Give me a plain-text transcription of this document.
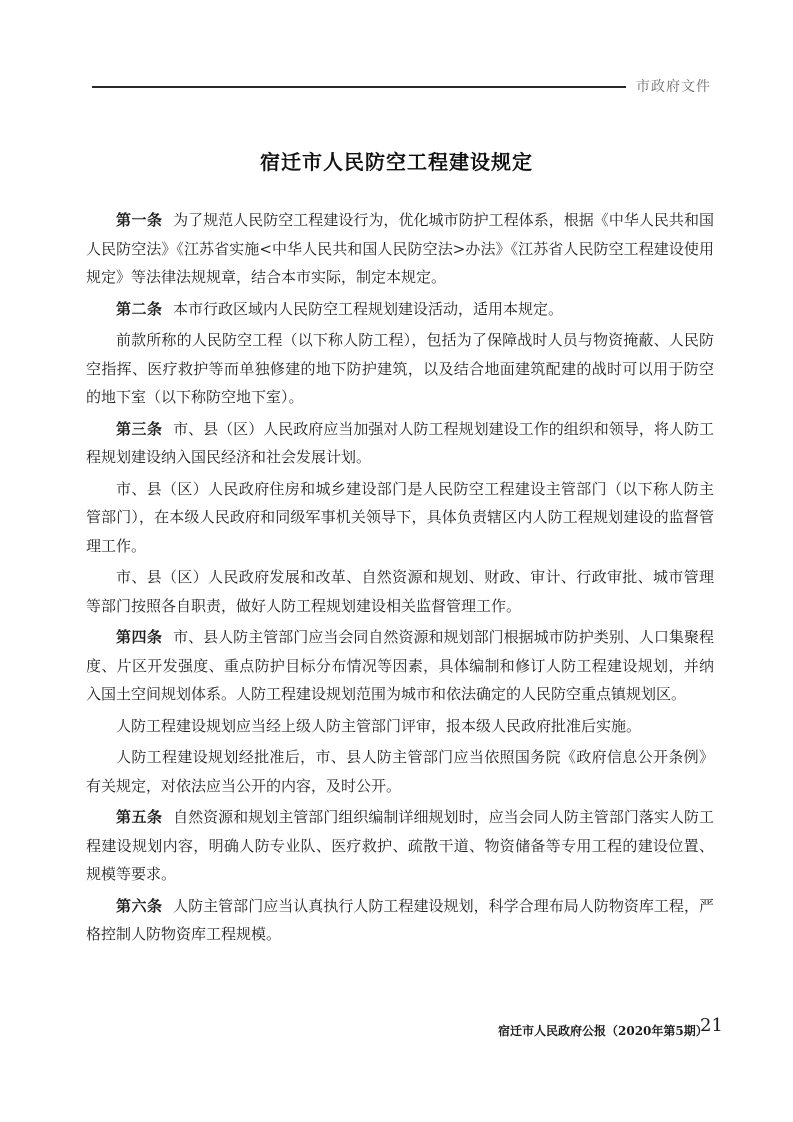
市政府文件
宿迁市人民防空工程建设规定

第一条 为了规范人民防空工程建设行为，优化城市防护工程体系，根据《中华人民共和国人民防空法》《江苏省实施<中华人民共和国人民防空法>办法》《江苏省人民防空工程建设使用规定》等法律法规规章，结合本市实际，制定本规定。

第二条 本市行政区域内人民防空工程规划建设活动，适用本规定。

前款所称的人民防空工程（以下称人防工程），包括为了保障战时人员与物资掩蔽、人民防空指挥、医疗救护等而单独修建的地下防护建筑，以及结合地面建筑配建的战时可以用于防空的地下室（以下称防空地下室）。

第三条 市、县（区）人民政府应当加强对人防工程规划建设工作的组织和领导，将人防工程规划建设纳入国民经济和社会发展计划。

市、县（区）人民政府住房和城乡建设部门是人民防空工程建设主管部门（以下称人防主管部门），在本级人民政府和同级军事机关领导下，具体负责辖区内人防工程规划建设的监督管理工作。

市、县（区）人民政府发展和改革、自然资源和规划、财政、审计、行政审批、城市管理等部门按照各自职责，做好人防工程规划建设相关监督管理工作。

第四条 市、县人防主管部门应当会同自然资源和规划部门根据城市防护类别、人口集聚程度、片区开发强度、重点防护目标分布情况等因素，具体编制和修订人防工程建设规划，并纳入国土空间规划体系。人防工程建设规划范围为城市和依法确定的人民防空重点镇规划区。

人防工程建设规划应当经上级人防主管部门评审，报本级人民政府批准后实施。

人防工程建设规划经批准后，市、县人防主管部门应当依照国务院《政府信息公开条例》有关规定，对依法应当公开的内容，及时公开。

第五条 自然资源和规划主管部门组织编制详细规划时，应当会同人防主管部门落实人防工程建设规划内容，明确人防专业队、医疗救护、疏散干道、物资储备等专用工程的建设位置、规模等要求。

第六条 人防主管部门应当认真执行人防工程建设规划，科学合理布局人防物资库工程，严格控制人防物资库工程规模。

宿迁市人民政府公报（2020年第5期）
21
